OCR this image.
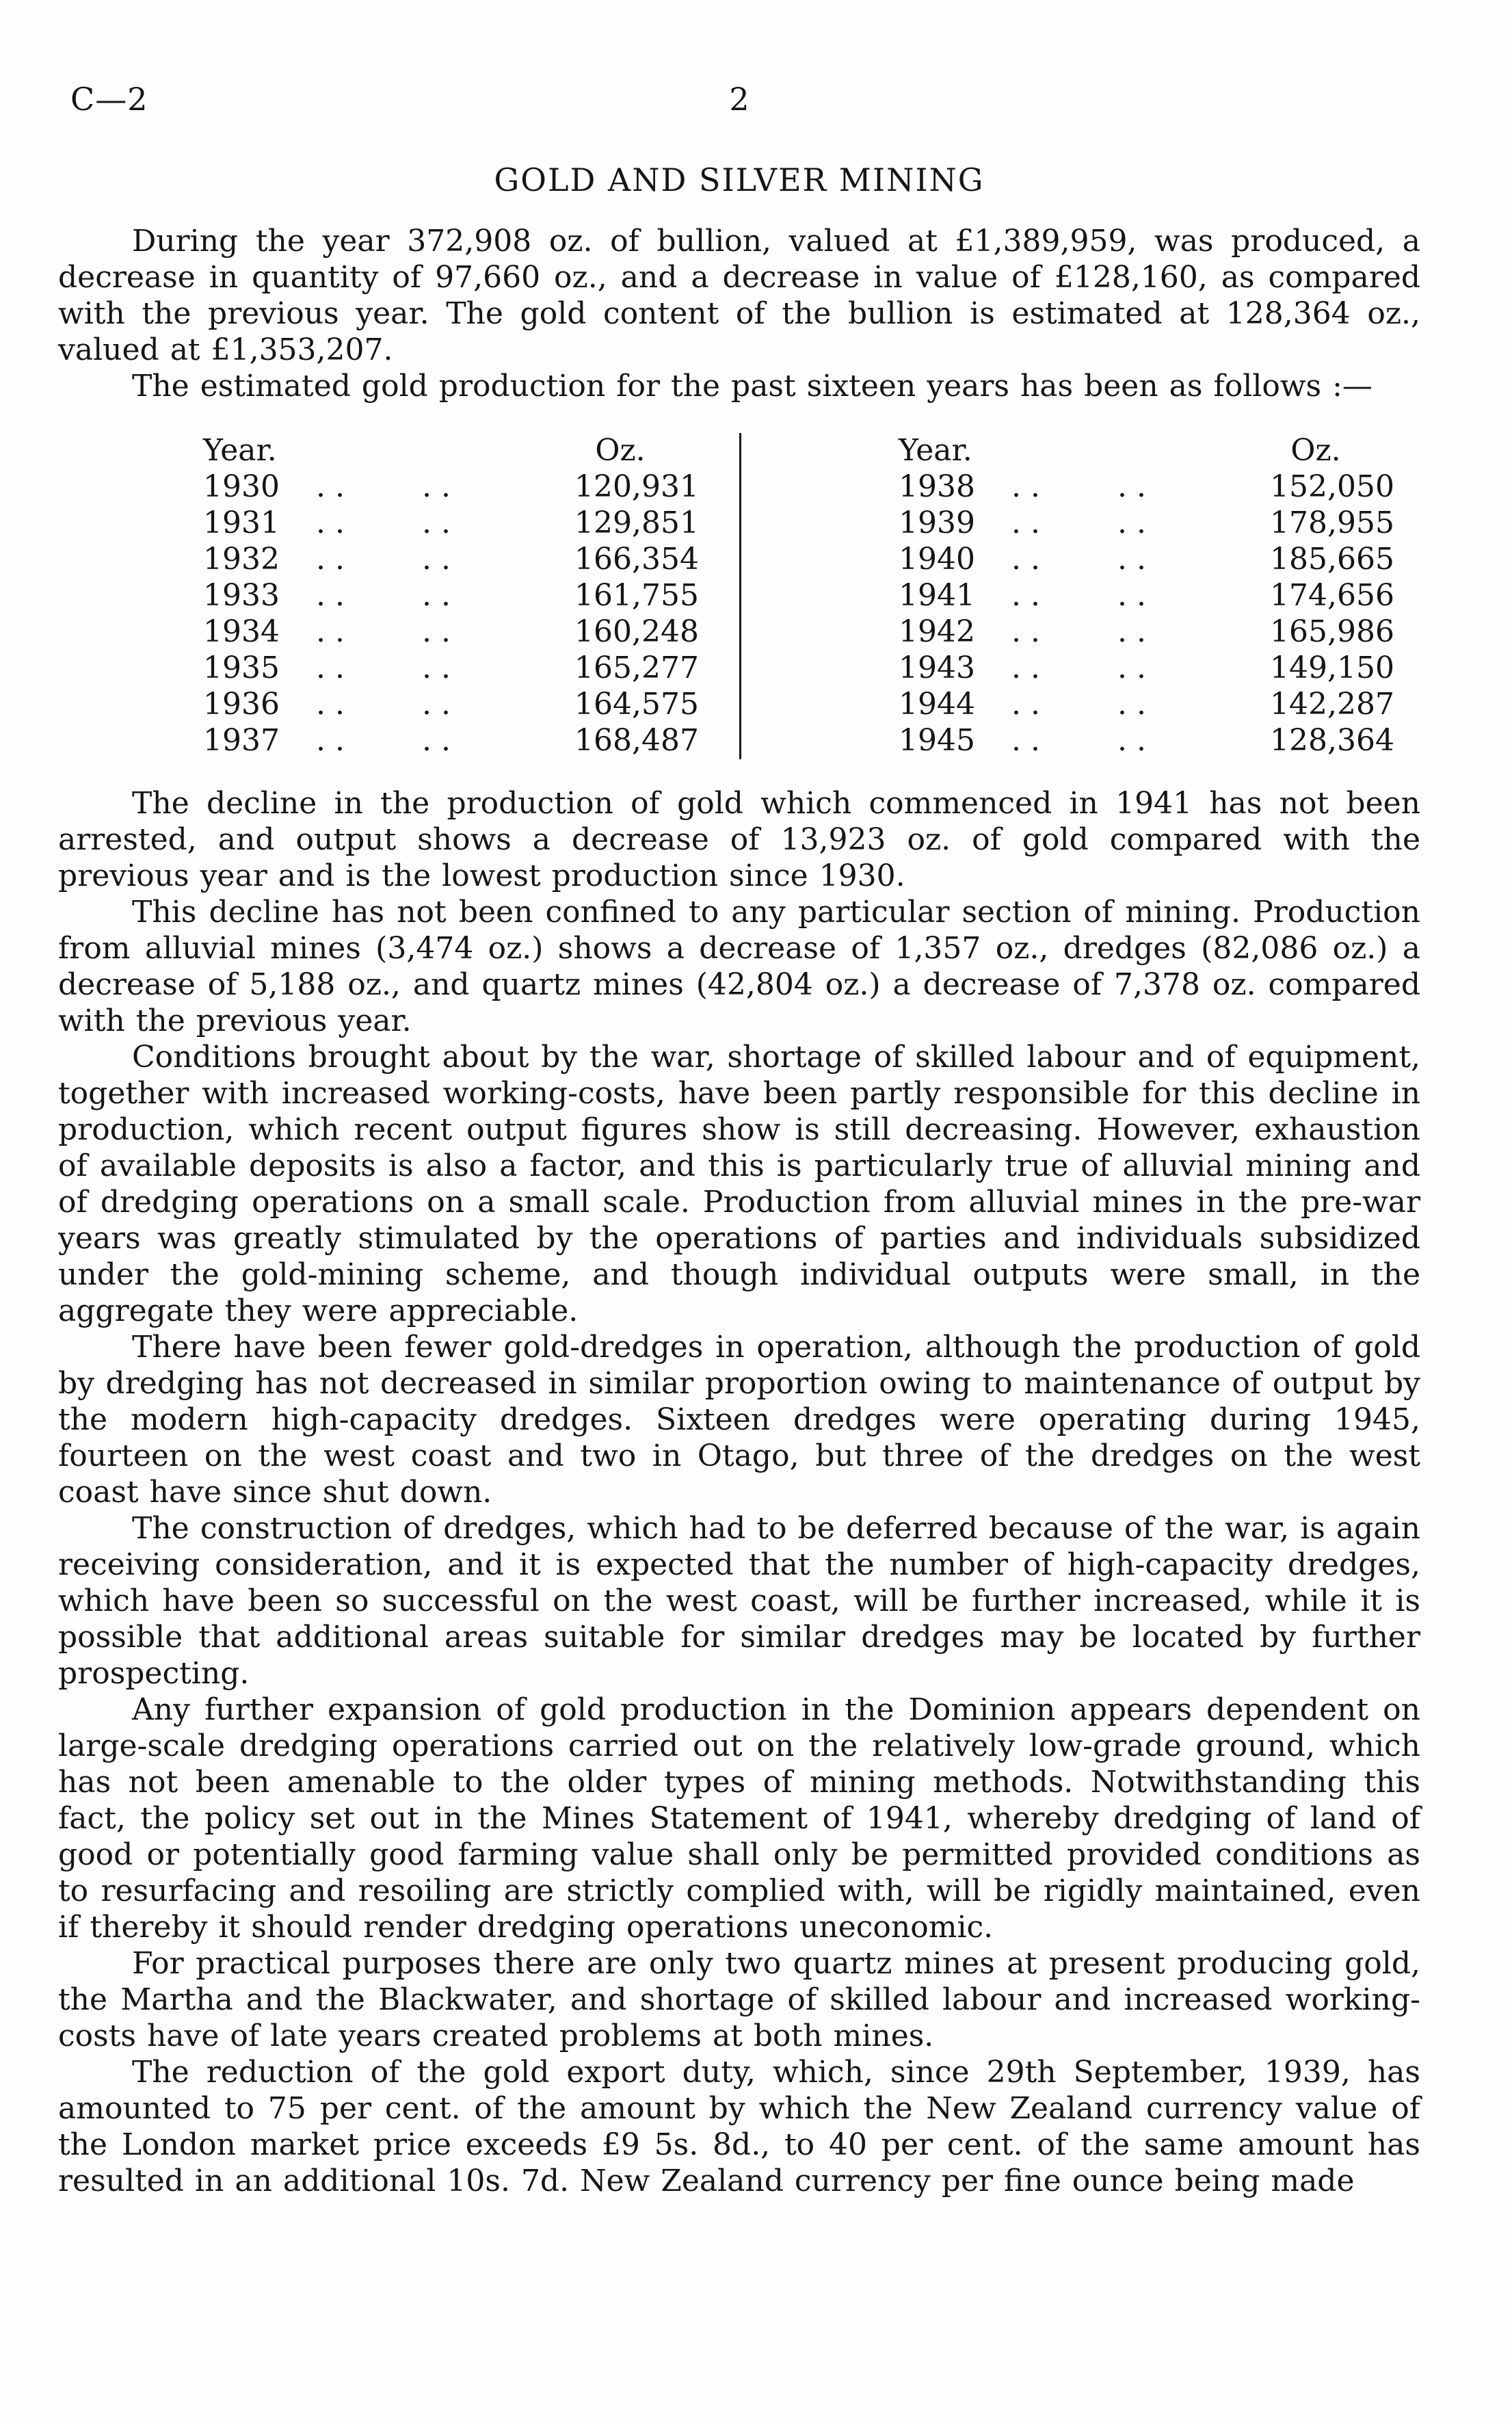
C—2	2
GOLD AND SILVER MINING

During the year 372,908 oz. of bullion, valued at £1,389,959, was produced, a decrease in quantity of 97,660 oz., and a decrease in value of £128,160, as compared with the previous year. The gold content of the bullion is estimated at 128,364 oz., valued at £1,353,207.

The estimated gold production for the past sixteen years has been as follows :—

Year.			Oz.
1930	..	..	120,931
1931	..	..	129,851
1932	..	..	166,354
1933	..	..	161,755
1934	..	..	160,248
1935	..	..	165,277
1936	..	..	164,575
1937	..	..	168,487
Year.			Oz.
1938	..	..	152,050
1939	..	..	178,955
1940	..	..	185,665
1941	..	..	174,656
1942	..	..	165,986
1943	..	..	149,150
1944	..	..	142,287
1945	..	..	128,364

The decline in the production of gold which commenced in 1941 has not been arrested, and output shows a decrease of 13,923 oz. of gold compared with the previous year and is the lowest production since 1930.

This decline has not been confined to any particular section of mining. Production from alluvial mines (3,474 oz.) shows a decrease of 1,357 oz., dredges (82,086 oz.) a decrease of 5,188 oz., and quartz mines (42,804 oz.) a decrease of 7,378 oz. compared with the previous year.

Conditions brought about by the war, shortage of skilled labour and of equipment, together with increased working-costs, have been partly responsible for this decline in production, which recent output figures show is still decreasing. However, exhaustion of available deposits is also a factor, and this is particularly true of alluvial mining and of dredging operations on a small scale. Production from alluvial mines in the pre-war years was greatly stimulated by the operations of parties and individuals subsidized under the gold-mining scheme, and though individual outputs were small, in the aggregate they were appreciable.

There have been fewer gold-dredges in operation, although the production of gold by dredging has not decreased in similar proportion owing to maintenance of output by the modern high-capacity dredges. Sixteen dredges were operating during 1945, fourteen on the west coast and two in Otago, but three of the dredges on the west coast have since shut down.

The construction of dredges, which had to be deferred because of the war, is again receiving consideration, and it is expected that the number of high-capacity dredges, which have been so successful on the west coast, will be further increased, while it is possible that additional areas suitable for similar dredges may be located by further prospecting.

Any further expansion of gold production in the Dominion appears dependent on large-scale dredging operations carried out on the relatively low-grade ground, which has not been amenable to the older types of mining methods. Notwithstanding this fact, the policy set out in the Mines Statement of 1941, whereby dredging of land of good or potentially good farming value shall only be permitted provided conditions as to resurfacing and resoiling are strictly complied with, will be rigidly maintained, even if thereby it should render dredging operations uneconomic.

For practical purposes there are only two quartz mines at present producing gold, the Martha and the Blackwater, and shortage of skilled labour and increased working-costs have of late years created problems at both mines.

The reduction of the gold export duty, which, since 29th September, 1939, has amounted to 75 per cent. of the amount by which the New Zealand currency value of the London market price exceeds £9 5s. 8d., to 40 per cent. of the same amount has resulted in an additional 10s. 7d. New Zealand currency per fine ounce being made
